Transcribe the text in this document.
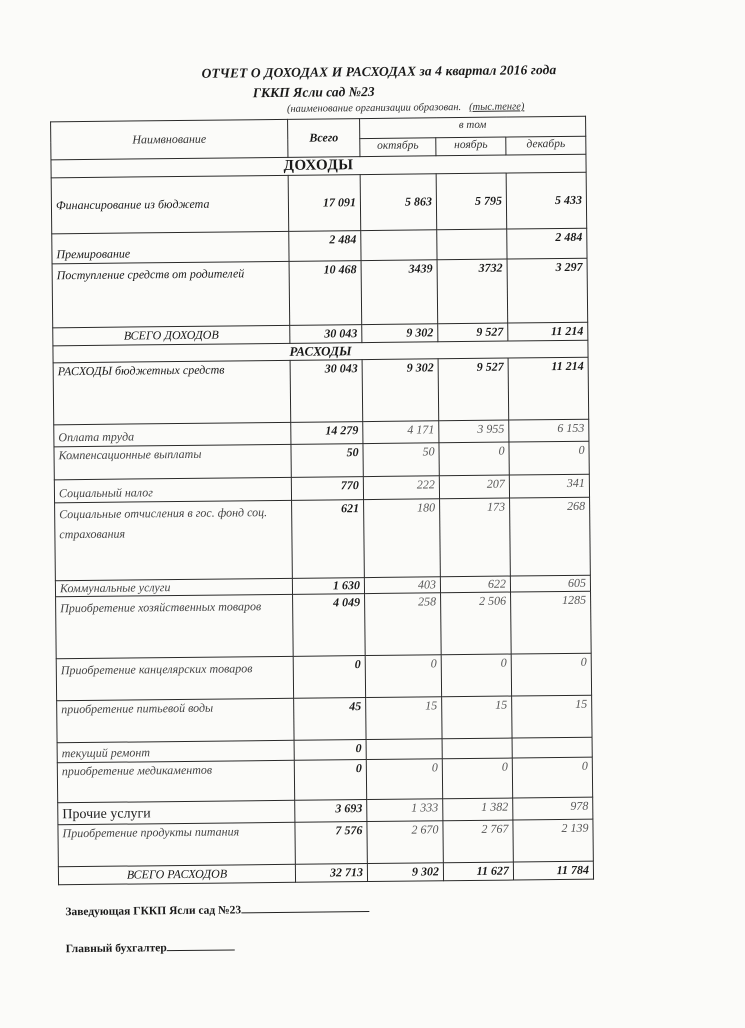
ОТЧЕТ О ДОХОДАХ И РАСХОДАХ за 4 квартал 2016 года
ГККП Ясли сад №23
(наименование организации образован. (тыс.тенге)
Наимвнование	Всего	в том		
		октябрь	ноябрь	декабрь
ДОХОДЫ				
Финансирование из бюджета	17 091	5 863	5 795	5 433
Премирование	2 484			2 484
Поступление средств от родителей	10 468	3439	3732	3 297
ВСЕГО ДОХОДОВ	30 043	9 302	9 527	11 214
РАСХОДЫ				
РАСХОДЫ бюджетных средств	30 043	9 302	9 527	11 214
Оплата труда	14 279	4 171	3 955	6 153
Компенсационные выплаты	50	50	0	0
Социальный налог	770	222	207	341
Социальные отчисления в гос. фонд соц. страхования	621	180	173	268
Коммунальные услуги	1 630	403	622	605
Приобретение хозяйственных товаров	4 049	258	2 506	1285
Приобретение канцелярских товаров	0	0	0	0
приобретение питьевой воды	45	15	15	15
текущий ремонт	0			
приобретение медикаментов	0	0	0	0
Прочие услуги	3 693	1 333	1 382	978
Приобретение продукты питания	7 576	2 670	2 767	2 139
ВСЕГО РАСХОДОВ	32 713	9 302	11 627	11 784
Заведующая ГККП Ясли сад №23
Главный бухгалтер
